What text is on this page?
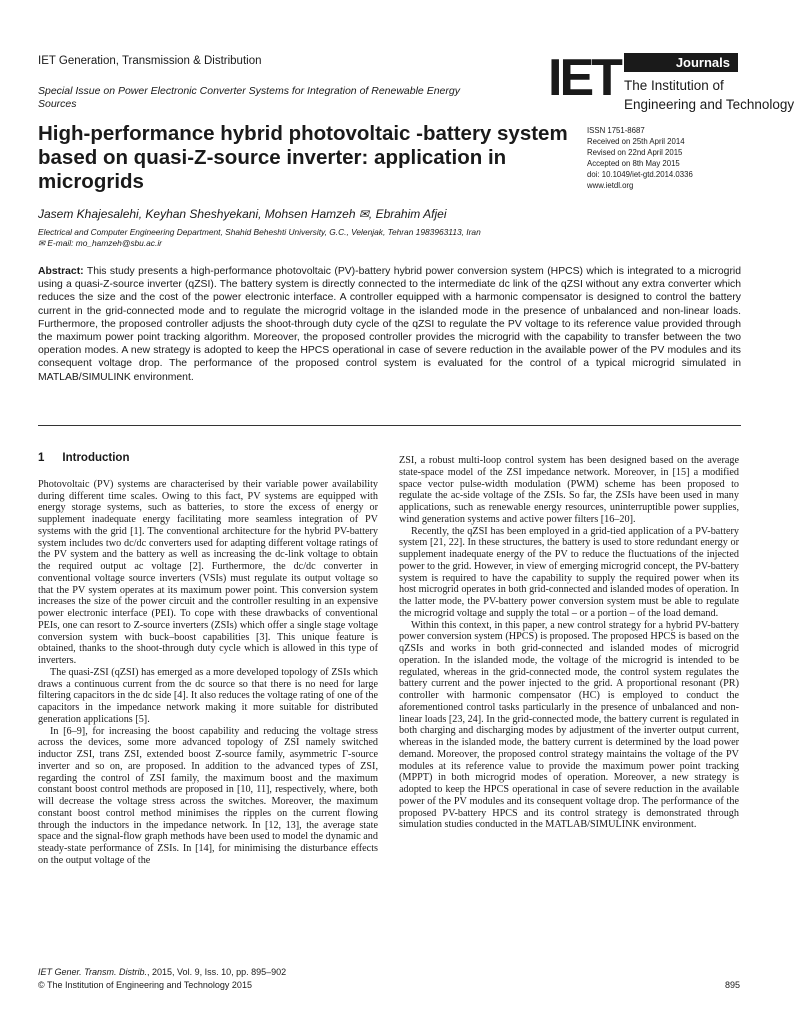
IET Generation, Transmission & Distribution
Special Issue on Power Electronic Converter Systems for Integration of Renewable Energy Sources	IET	Journals
The Institution of
Engineering and Technology
High-performance hybrid photovoltaic -battery system based on quasi-Z-source inverter: application in microgrids
ISSN 1751-8687
Received on 25th April 2014
Revised on 22nd April 2015
Accepted on 8th May 2015
doi: 10.1049/iet-gtd.2014.0336
www.ietdl.org
Jasem Khajesalehi, Keyhan Sheshyekani, Mohsen Hamzeh ✉, Ebrahim Afjei
Electrical and Computer Engineering Department, Shahid Beheshti University, G.C., Velenjak, Tehran 1983963113, Iran
✉ E-mail: mo_hamzeh@sbu.ac.ir
Abstract: This study presents a high-performance photovoltaic (PV)-battery hybrid power conversion system (HPCS) which is integrated to a microgrid using a quasi-Z-source inverter (qZSI). The battery system is directly connected to the intermediate dc link of the qZSI without any extra converter which reduces the size and the cost of the power electronic interface. A controller equipped with a harmonic compensator is designed to control the battery current in the grid-connected mode and to regulate the microgrid voltage in the islanded mode in the presence of unbalanced and non-linear loads. Furthermore, the proposed controller adjusts the shoot-through duty cycle of the qZSI to regulate the PV voltage to its reference value provided through the maximum power point tracking algorithm. Moreover, the proposed controller provides the microgrid with the capability to transfer between the two operation modes. A new strategy is adopted to keep the HPCS operational in case of severe reduction in the available power of the PV modules and its consequent voltage drop. The performance of the proposed control system is evaluated for the control of a typical microgrid simulated in MATLAB/SIMULINK environment.
1 Introduction

Photovoltaic (PV) systems are characterised by their variable power availability during different time scales. Owing to this fact, PV systems are equipped with energy storage systems, such as batteries, to store the excess of energy or supplement inadequate energy facilitating more seamless integration of PV systems with the grid [1]. The conventional architecture for the hybrid PV-battery system includes two dc/dc converters used for adapting different voltage ratings of the PV system and the battery as well as increasing the dc-link voltage to obtain the required output ac voltage [2]. Furthermore, the dc/dc converter in conventional voltage source inverters (VSIs) must regulate its output voltage so that the PV system operates at its maximum power point. This conversion system increases the size of the power circuit and the controller resulting in an expensive power electronic interface (PEI). To cope with these drawbacks of conventional PEIs, one can resort to Z-source inverters (ZSIs) which offer a single stage voltage conversion system with buck–boost capabilities [3]. This unique feature is obtained, thanks to the shoot-through duty cycle which is allowed in this type of inverters.

The quasi-ZSI (qZSI) has emerged as a more developed topology of ZSIs which draws a continuous current from the dc source so that there is no need for large filtering capacitors in the dc side [4]. It also reduces the voltage rating of one of the capacitors in the impedance network making it more suitable for distributed generation applications [5].

In [6–9], for increasing the boost capability and reducing the voltage stress across the devices, some more advanced topology of ZSI namely switched inductor ZSI, trans ZSI, extended boost Z-source family, asymmetric Γ-source inverter and so on, are proposed. In addition to the advanced types of ZSI, regarding the control of ZSI family, the maximum boost and the maximum constant boost control methods are proposed in [10, 11], respectively, where, both will decrease the voltage stress across the switches. Moreover, the maximum constant boost control method minimises the ripples on the current flowing through the inductors in the impedance network. In [12, 13], the average state space and the signal-flow graph methods have been used to model the dynamic and steady-state performance of ZSIs. In [14], for minimising the disturbance effects on the output voltage of the

ZSI, a robust multi-loop control system has been designed based on the average state-space model of the ZSI impedance network. Moreover, in [15] a modified space vector pulse-width modulation (PWM) scheme has been proposed to regulate the ac-side voltage of the ZSIs. So far, the ZSIs have been used in many applications, such as renewable energy resources, uninterruptible power supplies, wind generation systems and active power filters [16–20].

Recently, the qZSI has been employed in a grid-tied application of a PV-battery system [21, 22]. In these structures, the battery is used to store redundant energy or supplement inadequate energy of the PV to reduce the fluctuations of the injected power to the grid. However, in view of emerging microgrid concept, the PV-battery system is required to have the capability to supply the required power when its host microgrid operates in both grid-connected and islanded modes of operation. In the latter mode, the PV-battery power conversion system must be able to regulate the microgrid voltage and supply the total – or a portion – of the load demand.

Within this context, in this paper, a new control strategy for a hybrid PV-battery power conversion system (HPCS) is proposed. The proposed HPCS is based on the qZSIs and works in both grid-connected and islanded modes of microgrid operation. In the islanded mode, the voltage of the microgrid is intended to be regulated, whereas in the grid-connected mode, the control system regulates the battery current and the power injected to the grid. A proportional resonant (PR) controller with harmonic compensator (HC) is employed to conduct the aforementioned control tasks particularly in the presence of unbalanced and non-linear loads [23, 24]. In the grid-connected mode, the battery current is regulated in both charging and discharging modes by adjustment of the inverter output current, whereas in the islanded mode, the battery current is determined by the load power demand. Moreover, the proposed control strategy maintains the voltage of the PV modules at its reference value to provide the maximum power point tracking (MPPT) in both microgrid modes of operation. Moreover, a new strategy is adopted to keep the HPCS operational in case of severe reduction in the available power of the PV modules and its consequent voltage drop. The performance of the proposed PV-battery HPCS and its control strategy is demonstrated through simulation studies conducted in the MATLAB/SIMULINK environment.

IET Gener. Transm. Distrib., 2015, Vol. 9, Iss. 10, pp. 895–902
© The Institution of Engineering and Technology 2015	895
